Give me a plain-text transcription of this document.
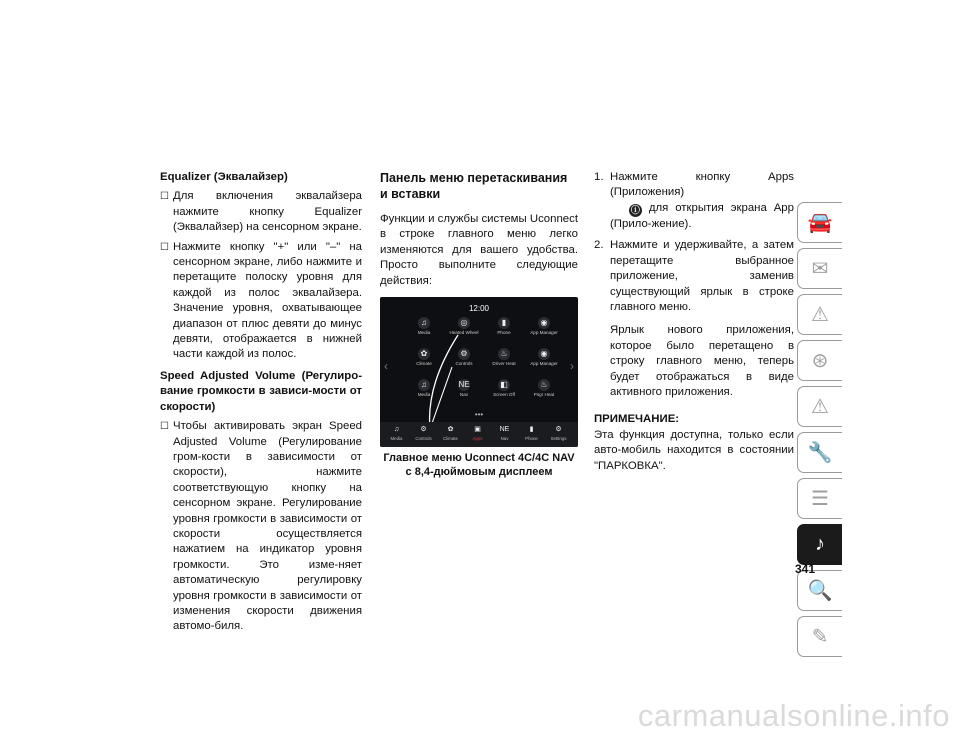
Equalizer (Эквалайзер)
☐ Для включения эквалайзера нажмите кнопку Equalizer (Эквалайзер) на сенсорном экране.
☐ Нажмите кнопку "+" или "–" на сенсорном экране, либо нажмите и перетащите полоску уровня для каждой из полос эквалайзера. Значение уровня, охватывающее диапазон от плюс девяти до минус девяти, отображается в нижней части каждой из полос.
Speed Adjusted Volume (Регулиро-вание громкости в зависи-мости от скорости)
☐ Чтобы активировать экран Speed Adjusted Volume (Регулирование гром-кости в зависимости от скорости), нажмите соответствующую кнопку на сенсорном экране. Регулирование уровня громкости в зависимости от скорости осуществляется нажатием на индикатор уровня громкости. Это изме-няет автоматическую регулировку уровня громкости в зависимости от изменения скорости движения автомо-биля.
Панель меню перетаскивания и вставки
Функции и службы системы Uconnect в строке главного меню легко изменяются для вашего удобства. Просто выполните следующие действия:
12:00
♫
Media
◎
Heated Wheel
▮
Phone
◉
App Manager
✿
Climate
⚙
Controls
♨
Driver Heat
◉
App Manager
♫
Media
NE
Nav
◧
Screen Off
♨
Psgr Heat
‹	›
•••
♫
Media
⚙
Controls
✿
Climate
▣
Apps
NE
Nav
▮
Phone
⚙
Settings
Главное меню Uconnect 4C/4C NAV с 8,4-дюймовым дисплеем
1. Нажмите кнопку Apps (Приложения)
ⓘ для открытия экрана App (Прило-жение).
2. Нажмите и удерживайте, а затем перетащите выбранное приложение, заменив существующий ярлык в строке главного меню.
Ярлык нового приложения, которое было перетащено в строку главного меню, теперь будет отображаться в виде активного приложения.
ПРИМЕЧАНИЕ:
Эта функция доступна, только если авто-мобиль находится в состоянии "ПАРКОВКА".
🚘
✉
⚠
⊛
⚠
🔧
☰
♪
🔍
✎
341
carmanualsonline.info
